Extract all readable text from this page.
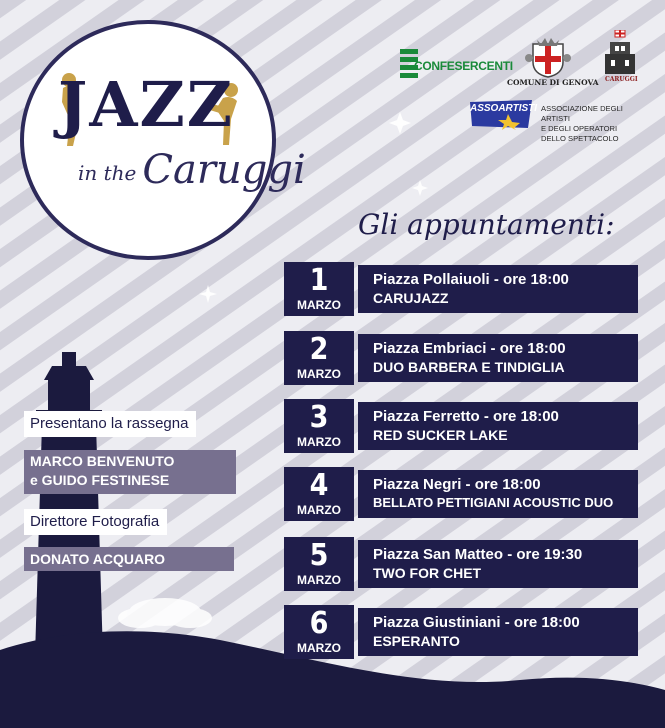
JAZZ
in the Caruggi
CONFESERCENTI
COMUNE DI GENOVA CARUGGI
ASSOARTISTI ASSOCIAZIONE DEGLI ARTISTI
E DEGLI OPERATORI
DELLO SPETTACOLO
Gli appuntamenti:
1
MARZO
Piazza Pollaiuoli - ore 18:00
CARUJAZZ
2
MARZO
Piazza Embriaci - ore 18:00
DUO BARBERA E TINDIGLIA
3
MARZO
Piazza Ferretto - ore 18:00
RED SUCKER LAKE
4
MARZO
Piazza Negri - ore 18:00
BELLATO PETTIGIANI ACOUSTIC DUO
5
MARZO
Piazza San Matteo - ore 19:30
TWO FOR CHET
6
MARZO
Piazza Giustiniani - ore 18:00
ESPERANTO
Presentano la rassegna
MARCO BENVENUTO
e GUIDO FESTINESE
Direttore Fotografia
DONATO ACQUARO
